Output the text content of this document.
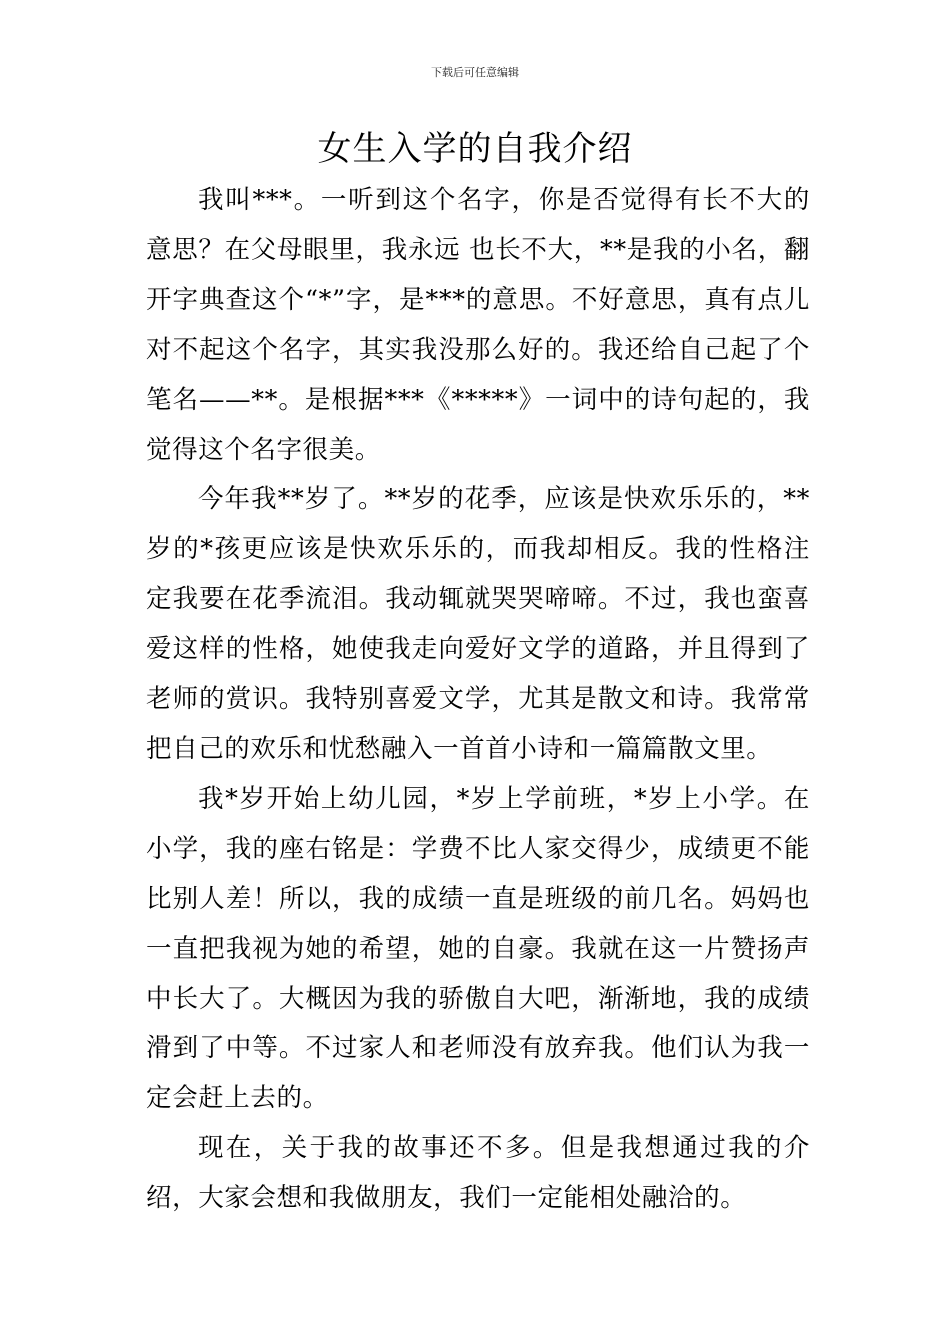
下载后可任意编辑
女生入学的自我介绍

我叫***。一听到这个名字，你是否觉得有长不大的意思？在父母眼里，我永远 也长不大，**是我的小名，翻开字典查这个“*”字，是***的意思。不好意思，真有点儿对不起这个名字，其实我没那么好的。我还给自己起了个笔名——**。是根据***《*****》一词中的诗句起的，我觉得这个名字很美。

今年我**岁了。**岁的花季，应该是快欢乐乐的，**岁的*孩更应该是快欢乐乐的，而我却相反。我的性格注定我要在花季流泪。我动辄就哭哭啼啼。不过，我也蛮喜爱这样的性格，她使我走向爱好文学的道路，并且得到了老师的赏识。我特别喜爱文学，尤其是散文和诗。我常常把自己的欢乐和忧愁融入一首首小诗和一篇篇散文里。

我*岁开始上幼儿园，*岁上学前班，*岁上小学。在小学，我的座右铭是：学费不比人家交得少，成绩更不能比别人差！所以，我的成绩一直是班级的前几名。妈妈也一直把我视为她的希望，她的自豪。我就在这一片赞扬声中长大了。大概因为我的骄傲自大吧，渐渐地，我的成绩滑到了中等。不过家人和老师没有放弃我。他们认为我一定会赶上去的。

现在，关于我的故事还不多。但是我想通过我的介绍，大家会想和我做朋友，我们一定能相处融洽的。
